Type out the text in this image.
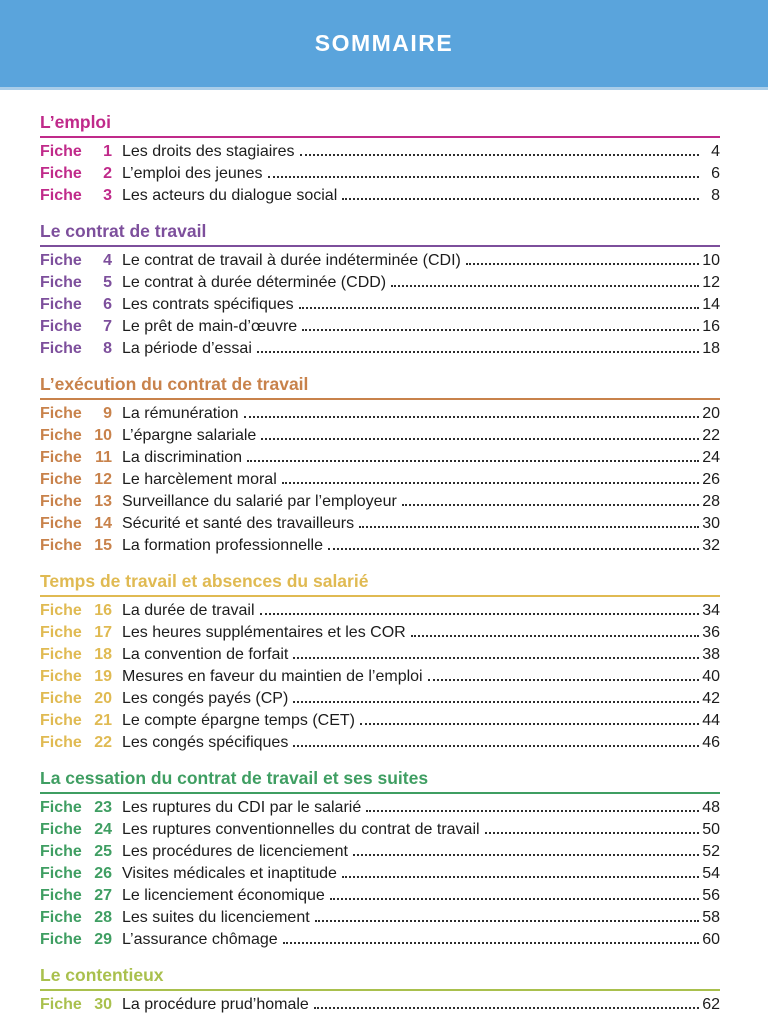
SOMMAIRE
L’emploi
Fiche 1 Les droits des stagiaires	4
Fiche 2 L’emploi des jeunes	6
Fiche 3 Les acteurs du dialogue social	8
Le contrat de travail
Fiche 4 Le contrat de travail à durée indéterminée (CDI)	10
Fiche 5 Le contrat à durée déterminée (CDD)	12
Fiche 6 Les contrats spécifiques	14
Fiche 7 Le prêt de main-d’œuvre	16
Fiche 8 La période d’essai	18
L’exécution du contrat de travail
Fiche 9 La rémunération	20
Fiche 10 L’épargne salariale	22
Fiche 11 La discrimination	24
Fiche 12 Le harcèlement moral	26
Fiche 13 Surveillance du salarié par l’employeur	28
Fiche 14 Sécurité et santé des travailleurs	30
Fiche 15 La formation professionnelle	32
Temps de travail et absences du salarié
Fiche 16 La durée de travail	34
Fiche 17 Les heures supplémentaires et les COR	36
Fiche 18 La convention de forfait	38
Fiche 19 Mesures en faveur du maintien de l’emploi	40
Fiche 20 Les congés payés (CP)	42
Fiche 21 Le compte épargne temps (CET)	44
Fiche 22 Les congés spécifiques	46
La cessation du contrat de travail et ses suites
Fiche 23 Les ruptures du CDI par le salarié	48
Fiche 24 Les ruptures conventionnelles du contrat de travail	50
Fiche 25 Les procédures de licenciement	52
Fiche 26 Visites médicales et inaptitude	54
Fiche 27 Le licenciement économique	56
Fiche 28 Les suites du licenciement	58
Fiche 29 L’assurance chômage	60
Le contentieux
Fiche 30 La procédure prud’homale	62
